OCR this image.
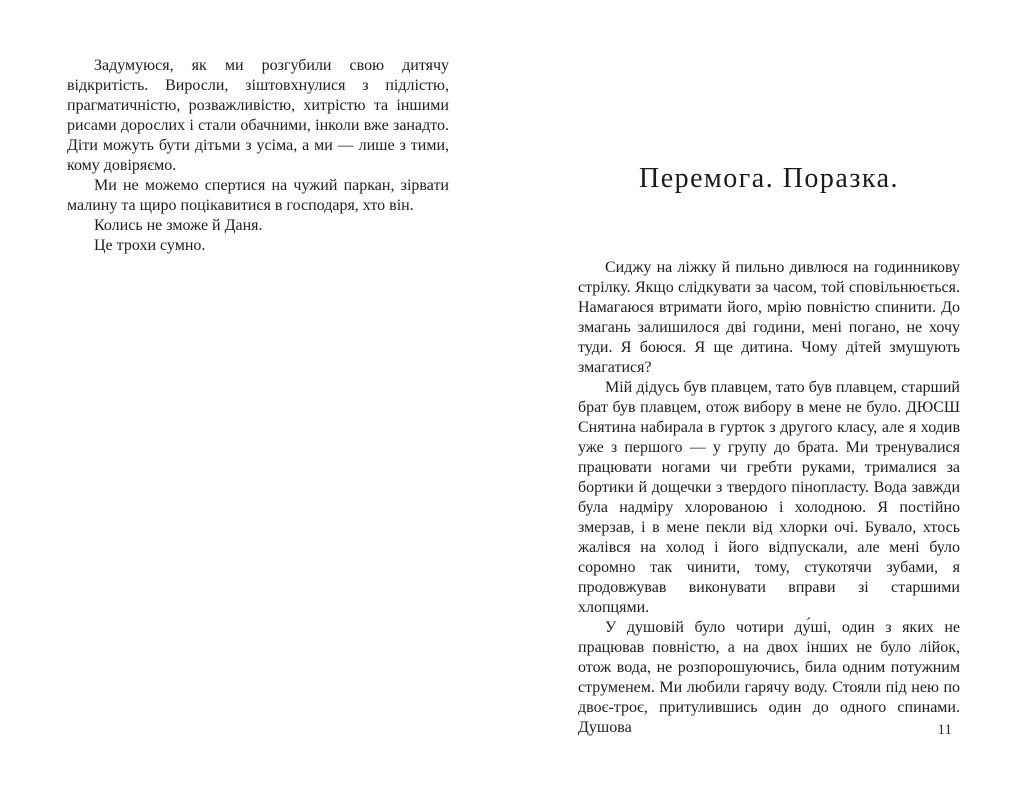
Задумуюся, як ми розгубили свою дитячу відкритість. Виросли, зіштовхнулися з підлістю, прагматичністю, розважливістю, хитрістю та іншими рисами дорослих і стали обачними, інколи вже занадто. Діти можуть бути дітьми з усіма, а ми — лише з тими, кому довіряємо.

Ми не можемо спертися на чужий паркан, зірвати малину та щиро поцікавитися в господаря, хто він.

Колись не зможе й Даня.

Це трохи сумно.

Перемога. Поразка.

Сиджу на ліжку й пильно дивлюся на годинникову стрілку. Якщо слідкувати за часом, той сповільнюється. Намагаюся втримати його, мрію повністю спинити. До змагань залишилося дві години, мені погано, не хочу туди. Я боюся. Я ще дитина. Чому дітей змушують змагатися?

Мій дідусь був плавцем, тато був плавцем, старший брат був плавцем, отож вибору в мене не було. ДЮСШ Снятина набирала в гурток з другого класу, але я ходив уже з першого — у групу до брата. Ми тренувалися працювати ногами чи гребти руками, трималися за бортики й дощечки з твердого пінопласту. Вода завжди була надміру хлорованою і холодною. Я постійно змерзав, і в мене пекли від хлорки очі. Бувало, хтось жалівся на холод і його відпускали, але мені було соромно так чинити, тому, стукотячи зубами, я продовжував виконувати вправи зі старшими хлопцями.

У душовій було чотири ду́ші, один з яких не працював повністю, а на двох інших не було лійок, отож вода, не розпорошуючись, била одним потужним струменем. Ми любили гарячу воду. Стояли під нею по двоє-троє, притулившись один до одного спинами. Душова	11
